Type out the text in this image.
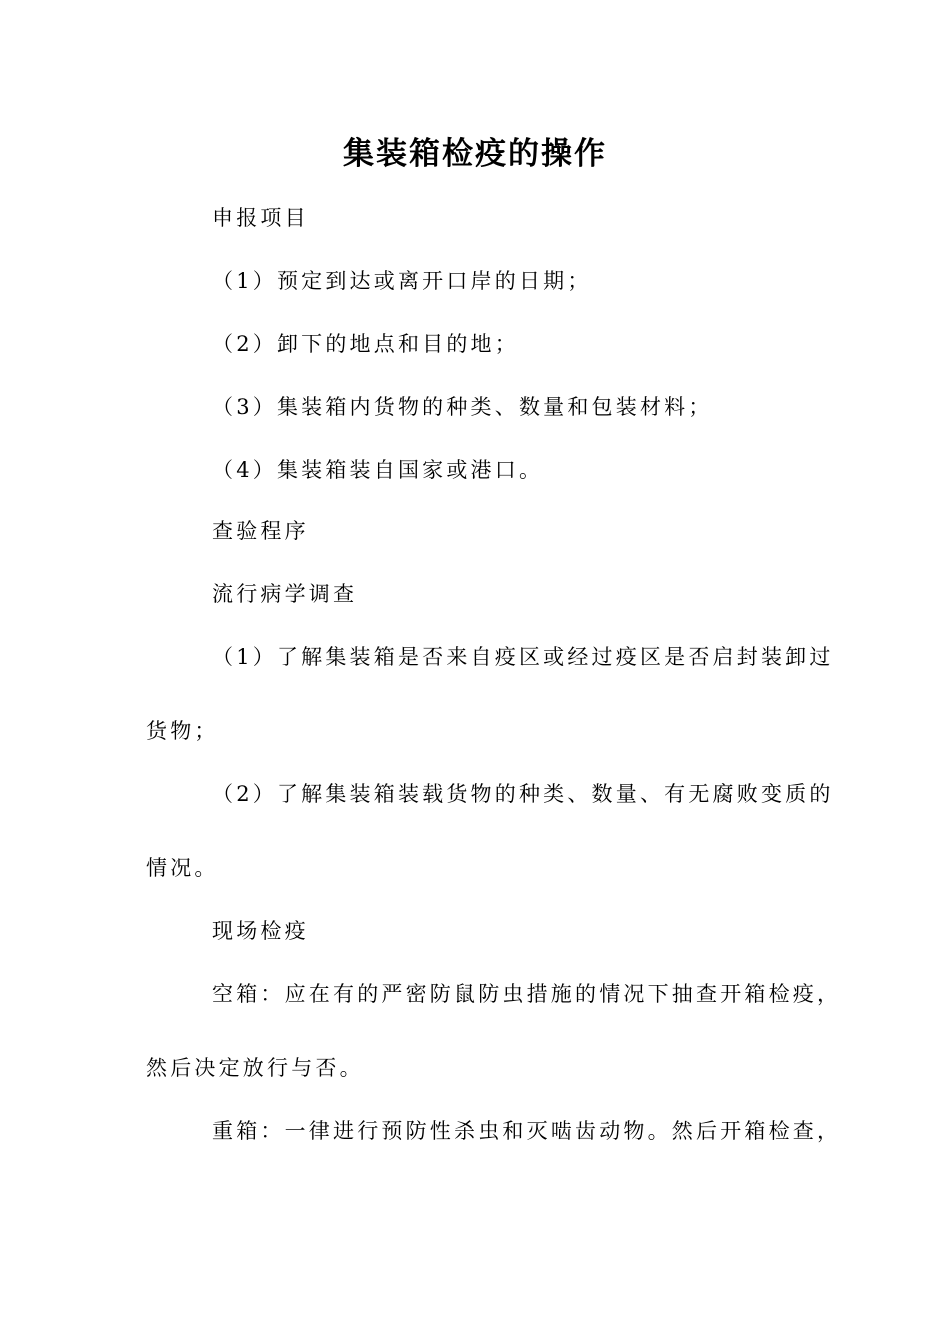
集装箱检疫的操作
申报项目
（1）预定到达或离开口岸的日期；
（2）卸下的地点和目的地；
（3）集装箱内货物的种类、数量和包装材料；
（4）集装箱装自国家或港口。
查验程序
流行病学调查
（1）了解集装箱是否来自疫区或经过疫区是否启封装卸过
货物；
（2）了解集装箱装载货物的种类、数量、有无腐败变质的
情况。
现场检疫
空箱：应在有的严密防鼠防虫措施的情况下抽查开箱检疫，
然后决定放行与否。
重箱：一律进行预防性杀虫和灭啮齿动物。然后开箱检查，
